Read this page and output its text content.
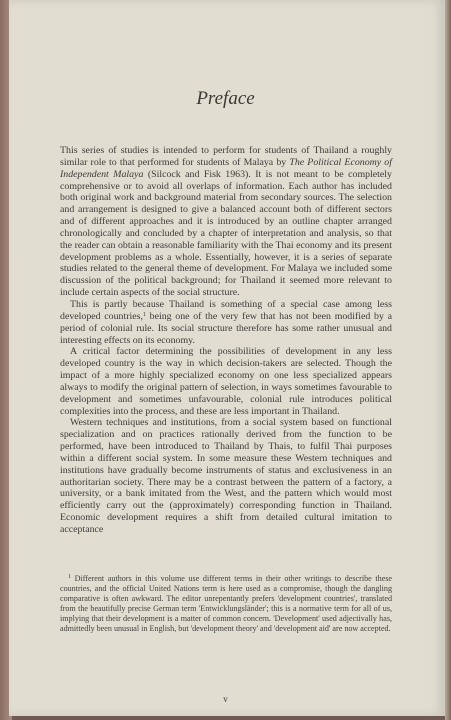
Preface

This series of studies is intended to perform for students of Thailand a roughly similar role to that performed for students of Malaya by The Political Economy of Independent Malaya (Silcock and Fisk 1963). It is not meant to be completely comprehensive or to avoid all overlaps of information. Each author has included both original work and background material from secondary sources. The selection and arrangement is designed to give a balanced account both of different sectors and of different approaches and it is introduced by an outline chapter arranged chronologically and concluded by a chapter of interpretation and analysis, so that the reader can obtain a reasonable familiarity with the Thai economy and its present development problems as a whole. Essentially, however, it is a series of separate studies related to the general theme of development. For Malaya we included some discussion of the political background; for Thailand it seemed more relevant to include certain aspects of the social structure.

This is partly because Thailand is something of a special case among less developed countries,$^1$ being one of the very few that has not been modified by a period of colonial rule. Its social structure therefore has some rather unusual and interesting effects on its economy.

A critical factor determining the possibilities of development in any less developed country is the way in which decision-takers are selected. Though the impact of a more highly specialized economy on one less specialized appears always to modify the original pattern of selection, in ways sometimes favourable to development and sometimes unfavourable, colonial rule introduces political complexities into the process, and these are less important in Thailand.

Western techniques and institutions, from a social system based on functional specialization and on practices rationally derived from the function to be performed, have been introduced to Thailand by Thais, to fulfil Thai purposes within a different social system. In some measure these Western techniques and institutions have gradually become instruments of status and exclusiveness in an authoritarian society. There may be a contrast between the pattern of a factory, a university, or a bank imitated from the West, and the pattern which would most efficiently carry out the (approximately) corresponding function in Thailand. Economic development requires a shift from detailed cultural imitation to acceptance

$^1$ Different authors in this volume use different terms in their other writings to describe these countries, and the official United Nations term is here used as a compromise, though the dangling comparative is often awkward. The editor unrepentantly prefers 'development countries', translated from the beautifully precise German term 'Entwicklungsländer'; this is a normative term for all of us, implying that their development is a matter of common concern. 'Development' used adjectivally has, admittedly been unusual in English, but 'development theory' and 'development aid' are now accepted.

v
